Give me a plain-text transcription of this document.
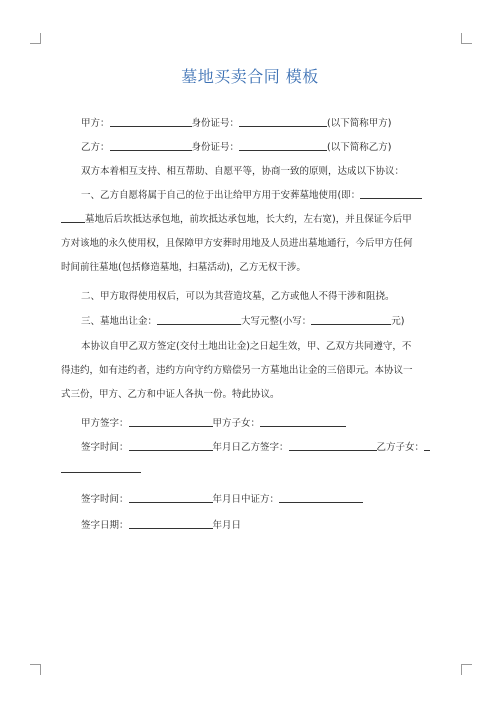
墓地买卖合同 模板
甲方：	身份证号：	(以下简称甲方)
乙方：	身份证号：	(以下简称乙方)
双方本着相互支持、相互帮助、自愿平等，协商一致的原则，达成以下协议：
一、乙方自愿将属于自己的位于出让给甲方用于安葬墓地使用(即：
墓地后后坎抵达承包地，前坎抵达承包地，长大约，左右宽)，并且保证今后甲
方对该地的永久使用权，且保障甲方安葬时用地及人员进出墓地通行，今后甲方任何
时间前往墓地(包括修造墓地，扫墓活动)，乙方无权干涉。
二、甲方取得使用权后，可以为其营造坟墓，乙方或他人不得干涉和阻挠。
三、墓地出让金：	大写元整(小写：	元)
本协议自甲乙双方签定(交付土地出让金)之日起生效，甲、乙双方共同遵守，不
得违约，如有违约者，违约方向守约方赔偿另一方墓地出让金的三倍即元。本协议一
式三份，甲方、乙方和中证人各执一份。特此协议。
甲方签字：	甲方子女：
签字时间：	年月日乙方签字：	乙方子女：
签字时间：	年月日中证方：
签字日期：	年月日
